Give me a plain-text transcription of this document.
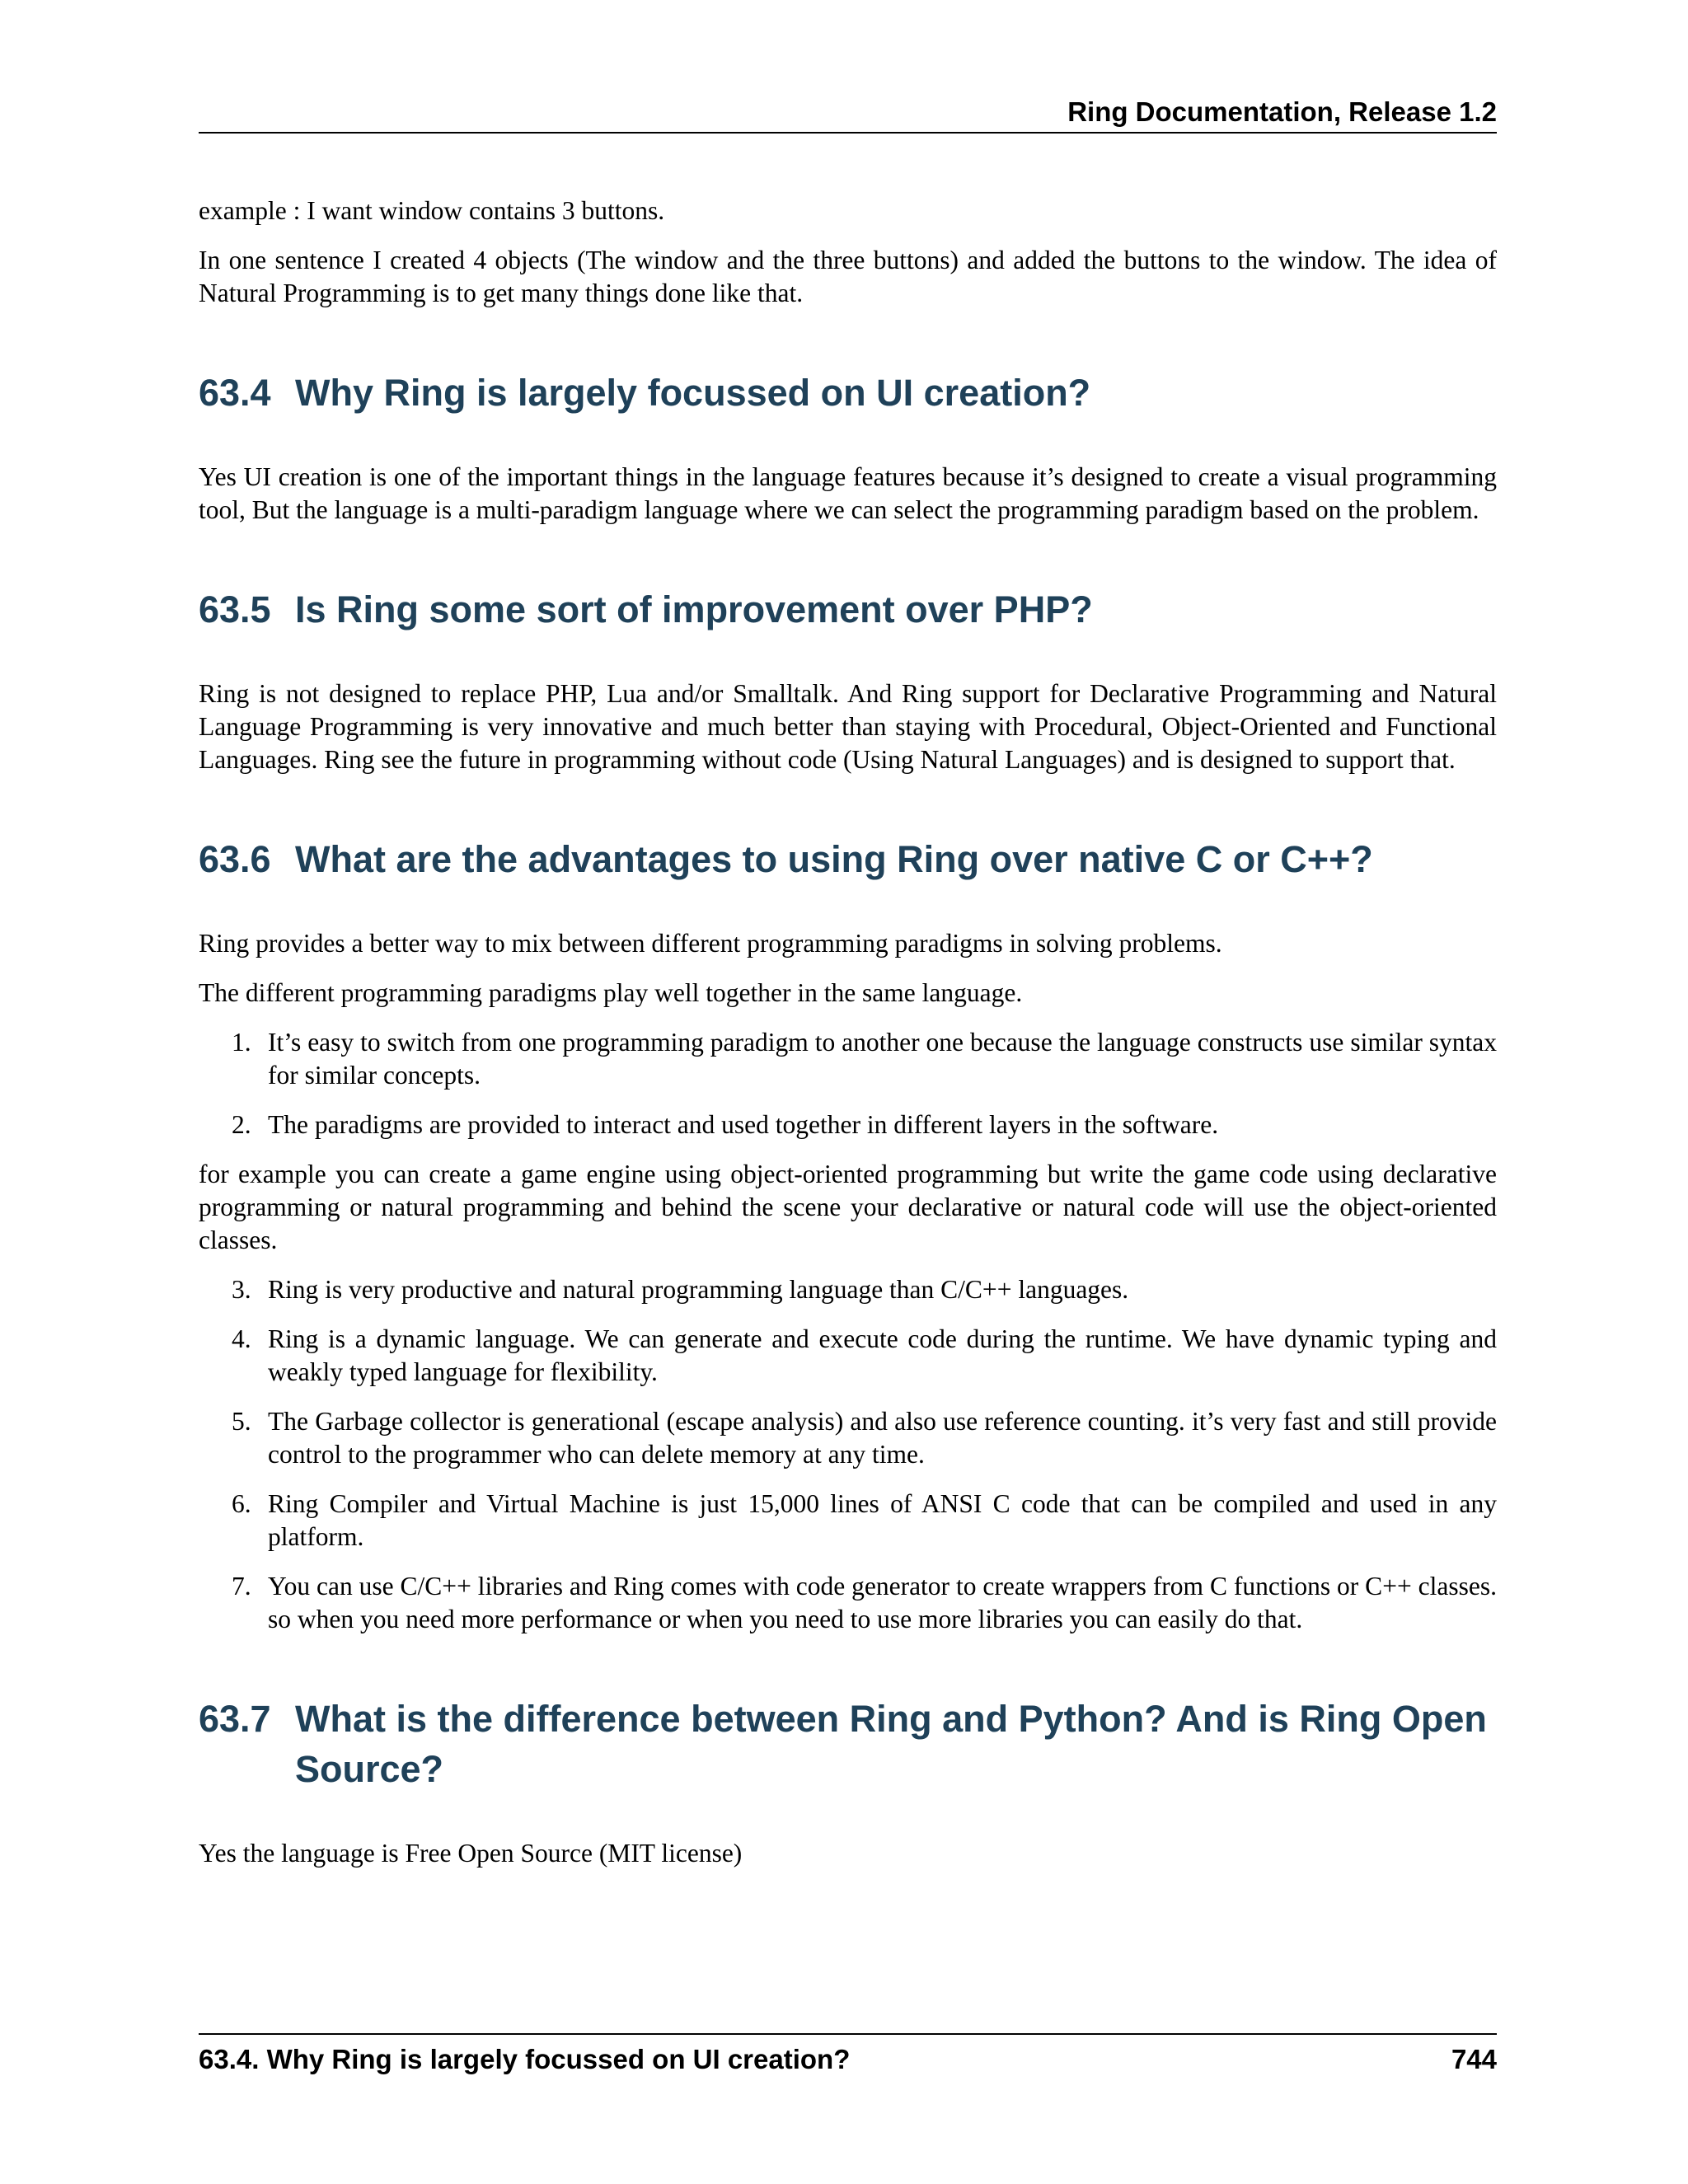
Ring Documentation, Release 1.2

example : I want window contains 3 buttons.

In one sentence I created 4 objects (The window and the three buttons) and added the buttons to the window. The idea of Natural Programming is to get many things done like that.

63.4 Why Ring is largely focussed on UI creation?

Yes UI creation is one of the important things in the language features because it’s designed to create a visual programming tool, But the language is a multi-paradigm language where we can select the programming paradigm based on the problem.

63.5 Is Ring some sort of improvement over PHP?

Ring is not designed to replace PHP, Lua and/or Smalltalk. And Ring support for Declarative Programming and Natural Language Programming is very innovative and much better than staying with Procedural, Object-Oriented and Functional Languages. Ring see the future in programming without code (Using Natural Languages) and is designed to support that.

63.6 What are the advantages to using Ring over native C or C++?

Ring provides a better way to mix between different programming paradigms in solving problems.

The different programming paradigms play well together in the same language.

1. It’s easy to switch from one programming paradigm to another one because the language constructs use similar syntax for similar concepts.
2. The paradigms are provided to interact and used together in different layers in the software.

for example you can create a game engine using object-oriented programming but write the game code using declarative programming or natural programming and behind the scene your declarative or natural code will use the object-oriented classes.

3. Ring is very productive and natural programming language than C/C++ languages.
4. Ring is a dynamic language. We can generate and execute code during the runtime. We have dynamic typing and weakly typed language for flexibility.
5. The Garbage collector is generational (escape analysis) and also use reference counting. it’s very fast and still provide control to the programmer who can delete memory at any time.
6. Ring Compiler and Virtual Machine is just 15,000 lines of ANSI C code that can be compiled and used in any platform.
7. You can use C/C++ libraries and Ring comes with code generator to create wrappers from C functions or C++ classes. so when you need more performance or when you need to use more libraries you can easily do that.
63.7 What is the difference between Ring and Python? And is Ring Open Source?

Yes the language is Free Open Source (MIT license)

63.4. Why Ring is largely focussed on UI creation?	744
